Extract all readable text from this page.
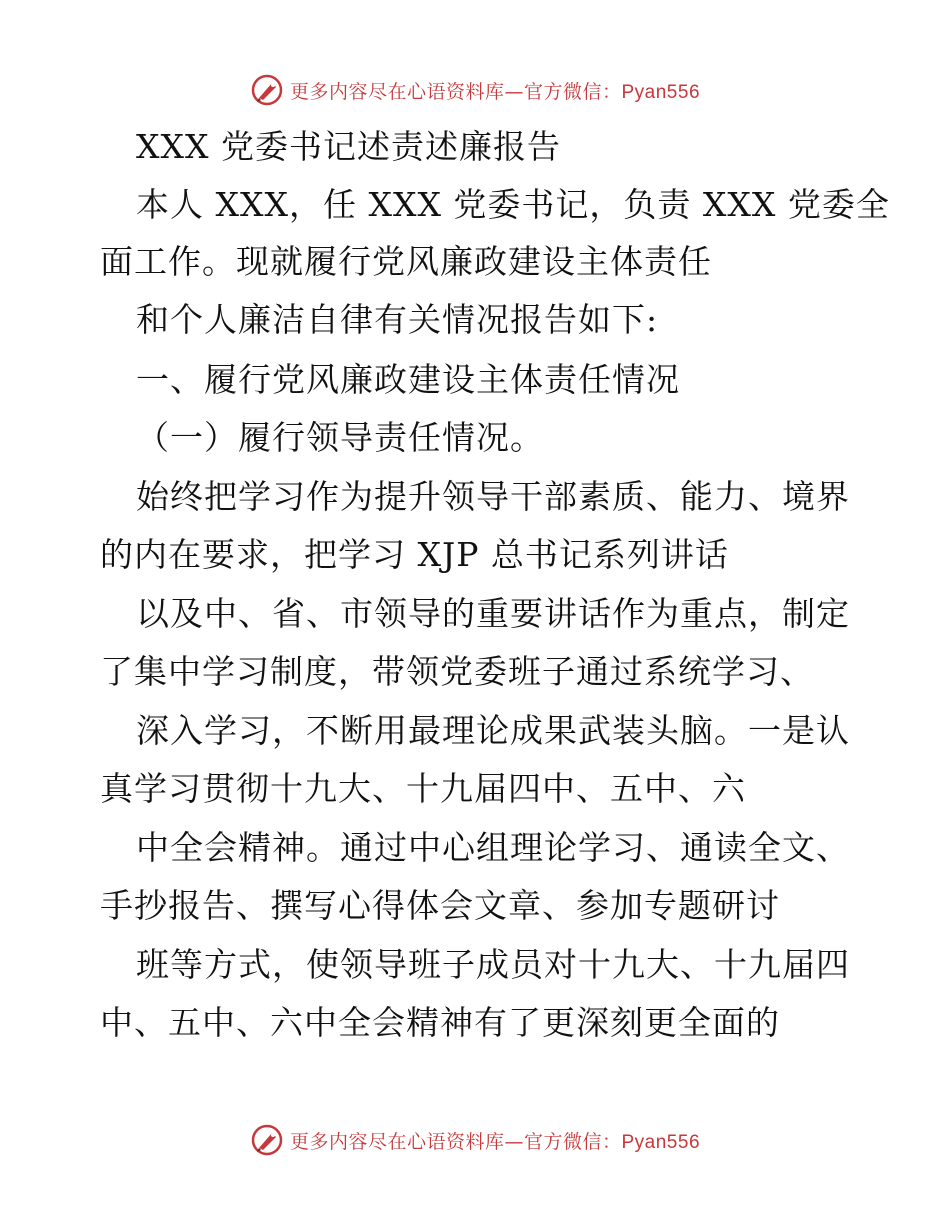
更多内容尽在心语资料库—官方微信：Pyan556
XXX 党委书记述责述廉报告
本人 XXX，任 XXX 党委书记，负责 XXX 党委全
面工作。现就履行党风廉政建设主体责任
和个人廉洁自律有关情况报告如下:
一、履行党风廉政建设主体责任情况
（一）履行领导责任情况。
始终把学习作为提升领导干部素质、能力、境界
的内在要求，把学习 XJP 总书记系列讲话
以及中、省、市领导的重要讲话作为重点，制定
了集中学习制度，带领党委班子通过系统学习、
深入学习，不断用最理论成果武装头脑。一是认
真学习贯彻十九大、十九届四中、五中、六
中全会精神。通过中心组理论学习、通读全文、
手抄报告、撰写心得体会文章、参加专题研讨
班等方式，使领导班子成员对十九大、十九届四
中、五中、六中全会精神有了更深刻更全面的
更多内容尽在心语资料库—官方微信：Pyan556
